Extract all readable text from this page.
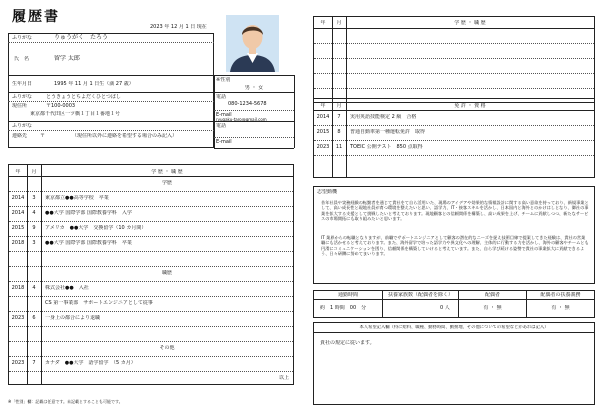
履歴書
2023 年 12 月 1 日 現在
ふりがな	りゅうがく　たろう
氏　名	留学 太郎
生年月日	1995 年 11 月 1 日生（満 27 歳）
※性別
男 ・ 女
ふりがな	とうきょうとちよだくひとつばし
現住所	〒100-0003
東京都千代田区一ツ橋１丁目１番地１号
電話
080-1234-5678
E-mail
ryugaku-taro@gmail.com
ふりがな
連絡先	〒	（現住所以外に連絡を希望する場合のみ記入）
電話
E-mail
年	月	学 歴 ・ 職 歴
学歴
2014	3	東京都立●●高等学校　卒業
2014	4	●●大学 国際学部 国際教養学科　入学
2015	9	アメリカ　●●大学　交換留学（10 カ月間）
2018	3	●●大学 国際学部 国際教養学科　卒業
職歴
2018	4	株式会社●●　入社
CS 第一事業部　サポートエンジニアとして従事
2023	6	一身上の都合により退職
その他
2023	7	カナダ　●●大学　語学留学　（5 カ月）
以上
※「性別」欄：記載は任意です。未記載とすることも可能です。
年	月	学 歴 ・ 職 歴
年	月	免 許 ・ 資 格
2014	7	実用英語技能検定 2 級　合格
2015	8	普通自動車第一種運転免許　取得
2023	11	TOEIC 公開テスト　850 点取得
志望動機
昔年社員や実務経験の転勤者を通じて貴社をて自ら活用いた、現場のアイデアや効果的な情報設計に関する高い意欲を持っており、新規事業として、高い成長性と現地社員が育つ環境を整えたいと思い、語学力、IT・接客スキルを活かし、日本国内と海外とのかけはしとなり、御社の事業を拡大する支援として挑戦したいと考えております。現地顧客との信頼関係を構築し、高い成果を上げ、チームに貢献しつつ、新たなサービスの市場開拓にも取り組みたいと思います。
IT 業界からの転職となりますが、前職でサポートエンジニアとして顧客の潜在的なニーズを捉え技術目線で提案してきた経験は、貴社の営業職にも活かせると考えております。また、海外留学で培った語学力や異文化への理解、主体的に行動する力を活かし、海外の顧客やチームとも円滑にコミュニケーションを図り、信頼関係を構築していけると考えています。また、自ら学び続ける姿勢で貴社の事業拡大に貢献できるよう、日々研鑽に努めてまいります。
通勤時間
約　1 時間　00　分
扶養家族数（配偶者を除く）
0 人
配偶者
有 ・ 無
配偶者の扶養義務
有 ・ 無
本人希望記入欄（特に給料、職種、勤務時間、勤務地、その他についての希望などがあれば記入）
貴社の規定に従います。
